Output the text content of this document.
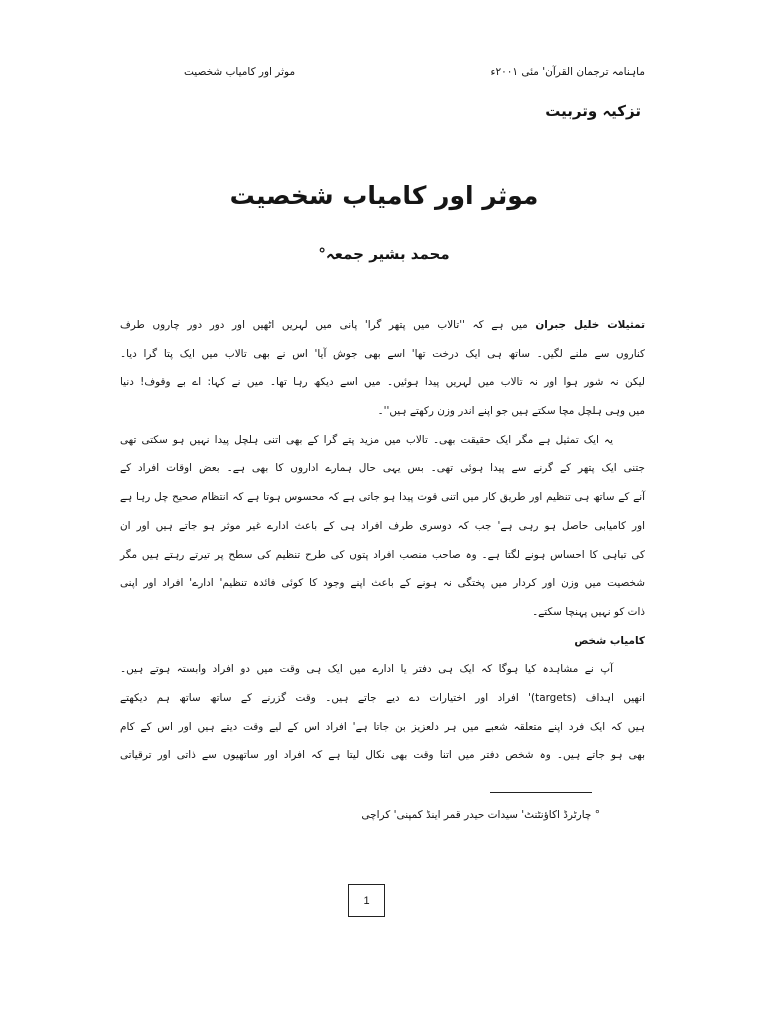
ماہنامہ ترجمان القرآن' مئی ۲۰۰۱ء
موثر اور کامیاب شخصیت
تزکیہ وتربیت
موثر اور کامیاب شخصیت
محمد بشیر جمعہ°
تمثیلات خلیل جبران میں ہے کہ ''تالاب میں پتھر گرا' پانی میں لہریں اٹھیں اور دور دور چاروں طرف
کناروں سے ملنے لگیں۔ ساتھ ہی ایک درخت تھا' اسے بھی جوش آیا' اس نے بھی تالاب میں ایک پتا گرا دیا۔
لیکن نہ شور ہوا اور نہ تالاب میں لہریں پیدا ہوئیں۔ میں اسے دیکھ رہا تھا۔ میں نے کہا: اے بے وقوف! دنیا
میں وہی ہلچل مچا سکتے ہیں جو اپنے اندر وزن رکھتے ہیں''۔
یہ ایک تمثیل ہے مگر ایک حقیقت بھی۔ تالاب میں مزید پتے گرا کے بھی اتنی ہلچل پیدا نہیں ہو سکتی تھی
جتنی ایک پتھر کے گرنے سے پیدا ہوئی تھی۔ بس یہی حال ہمارے اداروں کا بھی ہے۔ بعض اوقات افراد کے
آنے کے ساتھ ہی تنظیم اور طریق کار میں اتنی قوت پیدا ہو جاتی ہے کہ محسوس ہوتا ہے کہ انتظام صحیح چل رہا ہے
اور کامیابی حاصل ہو رہی ہے' جب کہ دوسری طرف افراد ہی کے باعث ادارے غیر موثر ہو جاتے ہیں اور ان
کی تباہی کا احساس ہونے لگتا ہے۔ وہ صاحب منصب افراد پتوں کی طرح تنظیم کی سطح پر تیرتے رہتے ہیں مگر
شخصیت میں وزن اور کردار میں پختگی نہ ہونے کے باعث اپنے وجود کا کوئی فائدہ تنظیم' ادارے' افراد اور اپنی
ذات کو نہیں پہنچا سکتے۔
کامیاب شخص
آپ نے مشاہدہ کیا ہوگا کہ ایک ہی دفتر یا ادارے میں ایک ہی وقت میں دو افراد وابستہ ہوتے ہیں۔
انھیں اہداف (targets)' افراد اور اختیارات دے دیے جاتے ہیں۔ وقت گزرنے کے ساتھ ساتھ ہم دیکھتے
ہیں کہ ایک فرد اپنے متعلقہ شعبے میں ہر دلعزیز بن جاتا ہے' افراد اس کے لیے وقت دیتے ہیں اور اس کے کام
بھی ہو جاتے ہیں۔ وہ شخص دفتر میں اتنا وقت بھی نکال لیتا ہے کہ افراد اور ساتھیوں سے ذاتی اور ترقیاتی
° چارٹرڈ اکاؤنٹنٹ' سیدات حیدر قمر اینڈ کمپنی' کراچی
1
